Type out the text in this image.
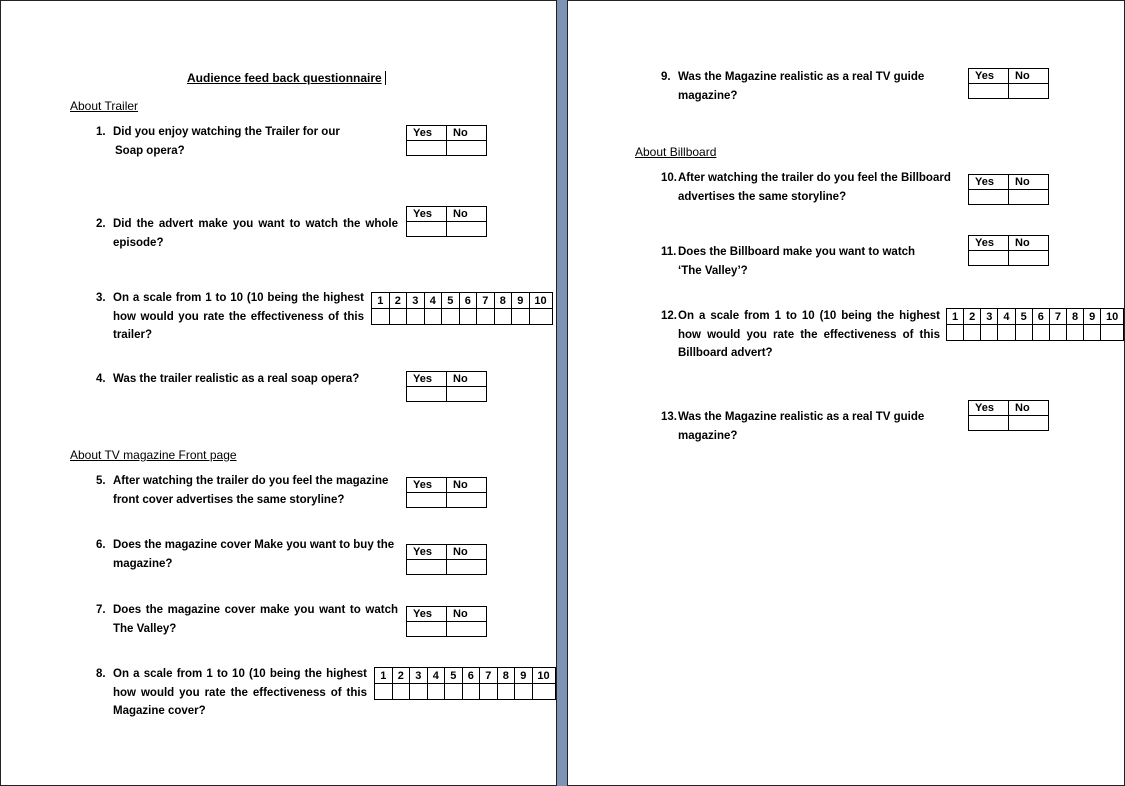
Audience feed back questionnaire
About Trailer
1. Did you enjoy watching the Trailer for our
Soap opera?
Yes	No

2. Did the advert make you want to watch the whole
episode?
Yes	No

3. On a scale from 1 to 10 (10 being the highest
how would you rate the effectiveness of this
trailer?
1	2	3	4	5	6	7	8	9	10

4. Was the trailer realistic as a real soap opera?	Yes	No

About TV magazine Front page
5. After watching the trailer do you feel the magazine
front cover advertises the same storyline?
Yes	No

6. Does the magazine cover Make you want to buy the
magazine?
Yes	No

7. Does the magazine cover make you want to watch
The Valley?
Yes	No

8. On a scale from 1 to 10 (10 being the highest
how would you rate the effectiveness of this
Magazine cover?
1	2	3	4	5	6	7	8	9	10

9. Was the Magazine realistic as a real TV guide
magazine?
Yes	No

About Billboard
10. After watching the trailer do you feel the Billboard
advertises the same storyline?
Yes	No

11. Does the Billboard make you want to watch
‘The Valley’?
Yes	No

12. On a scale from 1 to 10 (10 being the highest
how would you rate the effectiveness of this
Billboard advert?
1	2	3	4	5	6	7	8	9	10

13. Was the Magazine realistic as a real TV guide
magazine?
Yes	No
